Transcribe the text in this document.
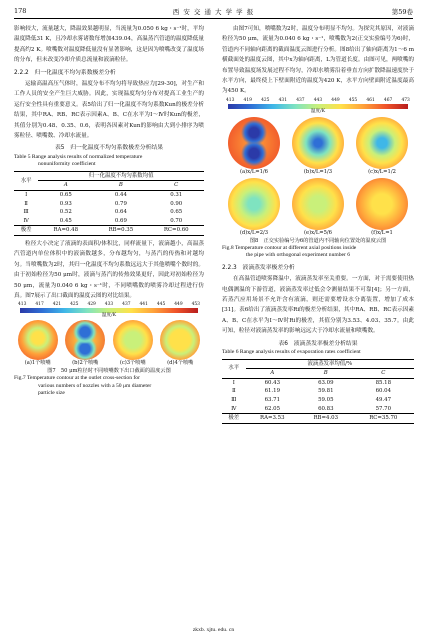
178	西 安 交 通 大 学 学 报	第59卷

影响较大，流量越大，降温效果越明显，当流量为0.050 6 kg・s⁻¹时，平均温度降低31 K，且冷却水雾诸数每增加439.04，高温蒸汽管道的温度降低量提高约2 K。喷嘴数对温度降低量没有显著影响，这是因为喷嘴改变了温度场的分布，但未改变冷却介质总流量和液滴粒径。

2.2.2　归一化温度不均匀系数极差分析

运输高温高压气体时，温度分布不均匀将导致热应力[29-30]，对生产和工作人员的安全产生巨大威胁。因此，实现温度均匀分布对提高工业生产的运行安全性具有重要意义。表5给出了归一化温度不均匀系数Kun的极差分析结果，其中RA、RB、RC表示因素A、B、C在水平为Ⅰ～Ⅳ时Kun的极差，其值分别为0.48、0.35、0.6，表明各因素对Kun的影响由大到小排序为喷雾粒径、喷嘴数、冷却水流量。

表5　归一化温度不均匀系数极差分析结果
Table 5 Range analysis results of normalized temperature
nonuniformity coefficient
水平	归一化温度不均匀系数均值		
	A	B	C
Ⅰ	0.65	0.44	0.31
Ⅱ	0.93	0.79	0.90
Ⅲ	0.52	0.64	0.65
Ⅳ	0.45	0.69	0.70
极差	RA=0.48	RB=0.35	RC=0.60

粒径大小决定了液滴的表面积/体积比，同样流量下，液滴越小，高温蒸汽管道内单位体积中的液滴数越多，分布越均匀，与蒸汽的传热和对越均匀。当喷嘴数为2时，其归一化温度不均匀系数远远大于其他喷嘴个数时的。由于初始粒径为50 μm时，液滴与蒸汽的传热效果更好，因此对初始粒径为50 μm，流量为0.040 6 kg・s⁻¹时，不同喷嘴数的喷雾冷却过程进行仿真。图7展示了出口截面的温度云图的对比结果。

413 417 421 425 429 433 437 441 445 449 453
温度/K
(a)1个喷嘴	(b)2个喷嘴	(c)3个喷嘴	(d)4个喷嘴
图7　50 μm粒径时不同喷嘴数下出口截面的温度云图
Fig.7 Temperature contour at the outlet cross-section for
various numbers of nozzles with a 50 μm diameter
particle size

由图7可知，喷嘴数为2时，温度分布明显不均匀。为探究其原因，对液滴粒径为50 μm，流量为0.040 6 kg・s⁻¹，喷嘴数为2(正交实验编号为6)时，管道内不同轴向距离的截面温度云图进行分析。图8给出了轴向距离为1～6 m横截面处的温度云图，其中x为轴向距离，L为管道长度。由图可见，两喷嘴的布置导致温度场发展过程不均匀，冷却水喷雾沿着垂直方向扩散降温速度快于水平方向，最终使上下壁面附近的温度为420 K，水平方向壁面附近温度最高为450 K。

413 419 425 431 437 443 449 455 461 467 473
温度/K
(a)x/L=1/6	(b)x/L=1/3	(c)x/L=1/2
(d)x/L=2/3	(e)x/L=5/6	(f)x/L=1
图8　正交实验编号为6的管道内不同轴向位置处的温度云图
Fig.8 Temperature contour at different axial positions inside
the pipe with orthogonal experiment number 6
2.2.3　液滴蒸发率极差分析

在高温管道喷雾降温中，液滴蒸发率至关重要。一方面，对于需要使用热电偶测温的下游管道，液滴蒸发率过低会令测量结果不可靠[4]；另一方面，若蒸汽应用场景不允许含有液滴，则还需要增设水分离装置，增加了成本[31]。表6给出了液滴蒸发率Ri的极差分析结果，其中RA、RB、RC表示因素A、B、C在水平为Ⅰ～Ⅳ时Ri的极差，其值分别为3.53、4.03、35.7。由此可知，粒径对液滴蒸发率的影响远远大于冷却水流量和喷嘴数。

表6　液滴蒸发率极差分析结果
Table 6 Range analysis results of evaporation rates coefficient
水平	液滴蒸发率均值/%		
	A	B	C
Ⅰ	60.43	63.09	85.18
Ⅱ	61.19	59.81	60.04
Ⅲ	63.71	59.05	49.47
Ⅳ	62.05	60.83	57.70
极差	RA=3.53	RB=4.03	RC=35.70
zkxb. xjtu. edu. cn
